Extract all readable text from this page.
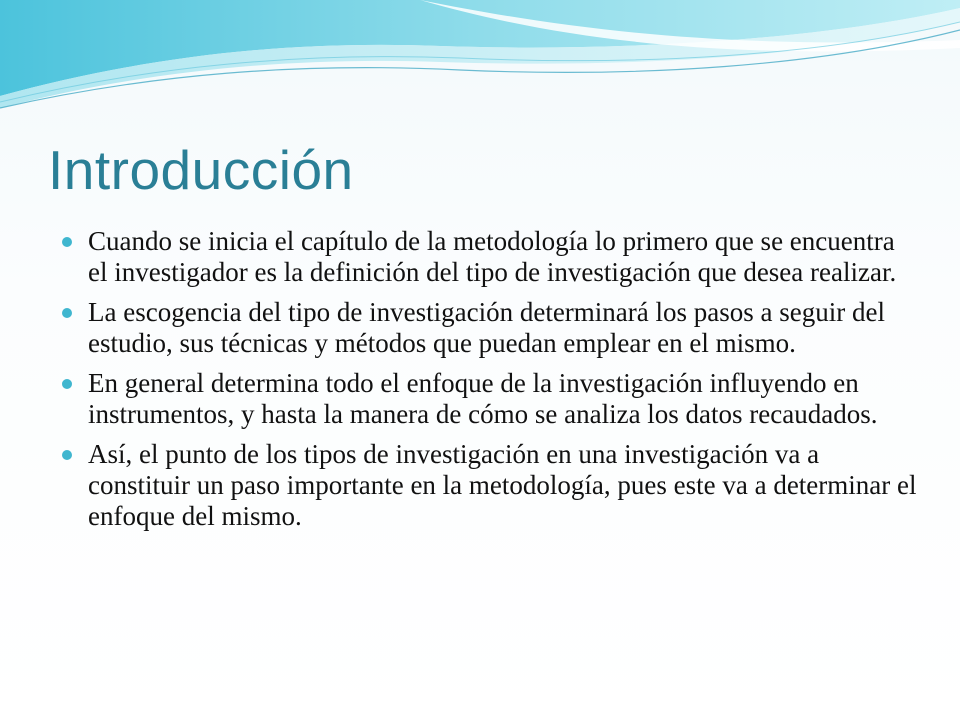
Introducción
Cuando se inicia el capítulo de la metodología lo primero que se encuentra el investigador es la definición del tipo de investigación que desea realizar.
La escogencia del tipo de investigación determinará los pasos a seguir del estudio, sus técnicas y métodos que puedan emplear en el mismo.
En general determina todo el enfoque de la investigación influyendo en instrumentos, y hasta la manera de cómo se analiza los datos recaudados.
Así, el punto de los tipos de investigación en una investigación va a constituir un paso importante en la metodología, pues este va a determinar el enfoque del mismo.
